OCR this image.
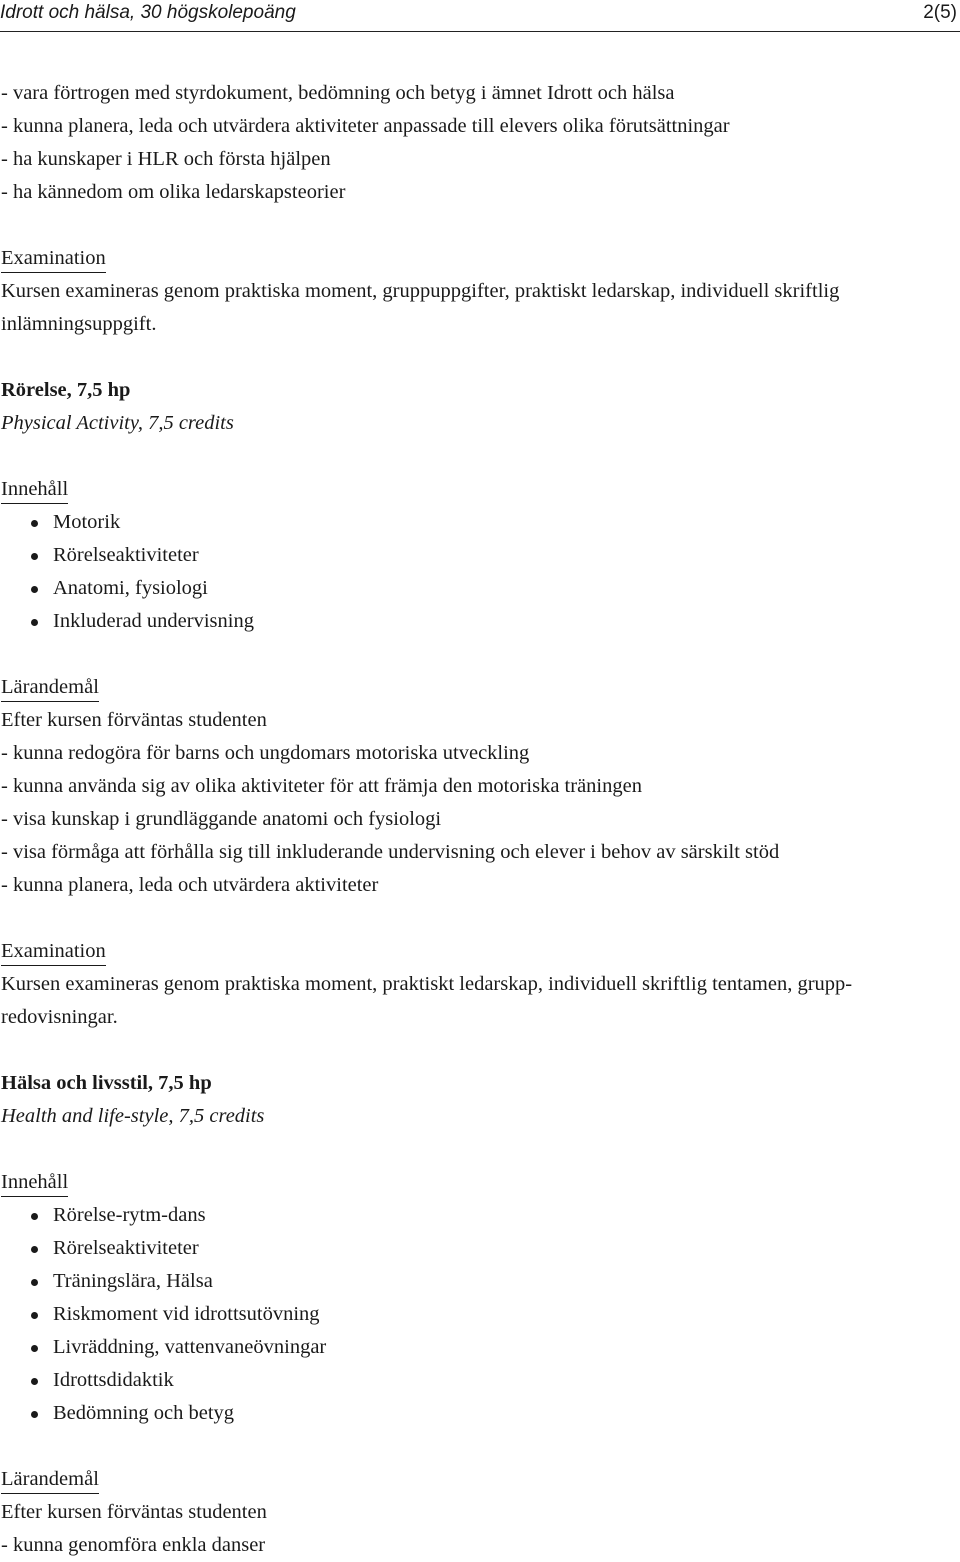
Idrott och hälsa, 30 högskolepoäng	2(5)
- vara förtrogen med styrdokument, bedömning och betyg i ämnet Idrott och hälsa
- kunna planera, leda och utvärdera aktiviteter anpassade till elevers olika förutsättningar
- ha kunskaper i HLR och första hjälpen
- ha kännedom om olika ledarskapsteorier
Examination
Kursen examineras genom praktiska moment, gruppuppgifter, praktiskt ledarskap, individuell skriftlig
inlämningsuppgift.
Rörelse, 7,5 hp
Physical Activity, 7,5 credits
Innehåll
Motorik
Rörelseaktiviteter
Anatomi, fysiologi
Inkluderad undervisning
Lärandemål
Efter kursen förväntas studenten
- kunna redogöra för barns och ungdomars motoriska utveckling
- kunna använda sig av olika aktiviteter för att främja den motoriska träningen
- visa kunskap i grundläggande anatomi och fysiologi
- visa förmåga att förhålla sig till inkluderande undervisning och elever i behov av särskilt stöd
- kunna planera, leda och utvärdera aktiviteter
Examination
Kursen examineras genom praktiska moment, praktiskt ledarskap, individuell skriftlig tentamen, grupp-
redovisningar.
Hälsa och livsstil, 7,5 hp
Health and life-style, 7,5 credits
Innehåll
Rörelse-rytm-dans
Rörelseaktiviteter
Träningslära, Hälsa
Riskmoment vid idrottsutövning
Livräddning, vattenvaneövningar
Idrottsdidaktik
Bedömning och betyg
Lärandemål
Efter kursen förväntas studenten
- kunna genomföra enkla danser
